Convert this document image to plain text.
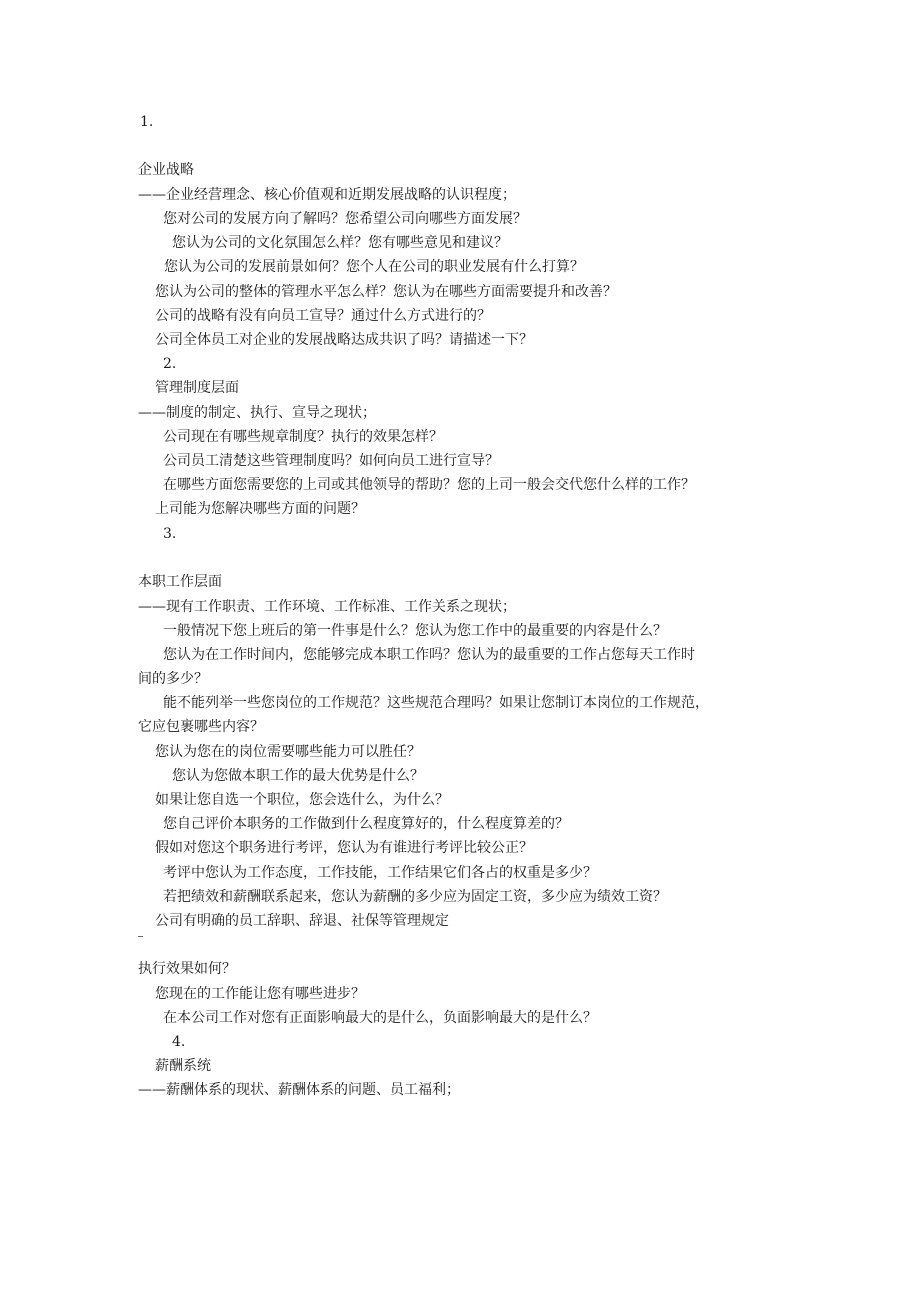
1.
企业战略
——企业经营理念、核心价值观和近期发展战略的认识程度；
您对公司的发展方向了解吗？您希望公司向哪些方面发展？
您认为公司的文化氛围怎么样？您有哪些意见和建议？
您认为公司的发展前景如何？您个人在公司的职业发展有什么打算？
您认为公司的整体的管理水平怎么样？您认为在哪些方面需要提升和改善？
公司的战略有没有向员工宣导？通过什么方式进行的？
公司全体员工对企业的发展战略达成共识了吗？请描述一下？
2.
管理制度层面
——制度的制定、执行、宣导之现状；
公司现在有哪些规章制度？执行的效果怎样？
公司员工清楚这些管理制度吗？如何向员工进行宣导？
在哪些方面您需要您的上司或其他领导的帮助？您的上司一般会交代您什么样的工作？
上司能为您解决哪些方面的问题？
3.
本职工作层面
——现有工作职责、工作环境、工作标准、工作关系之现状；
一般情况下您上班后的第一件事是什么？您认为您工作中的最重要的内容是什么？
您认为在工作时间内，您能够完成本职工作吗？您认为的最重要的工作占您每天工作时
间的多少？
能不能列举一些您岗位的工作规范？这些规范合理吗？如果让您制订本岗位的工作规范，
它应包裹哪些内容？
您认为您在的岗位需要哪些能力可以胜任？
您认为您做本职工作的最大优势是什么？
如果让您自选一个职位，您会选什么，为什么？
您自己评价本职务的工作做到什么程度算好的，什么程度算差的？
假如对您这个职务进行考评，您认为有谁进行考评比较公正？
考评中您认为工作态度，工作技能，工作结果它们各占的权重是多少？
若把绩效和薪酬联系起来，您认为薪酬的多少应为固定工资，多少应为绩效工资？
公司有明确的员工辞职、辞退、社保等管理规定
执行效果如何？
您现在的工作能让您有哪些进步？
在本公司工作对您有正面影响最大的是什么，负面影响最大的是什么？
4.
薪酬系统
——薪酬体系的现状、薪酬体系的问题、员工福利；
